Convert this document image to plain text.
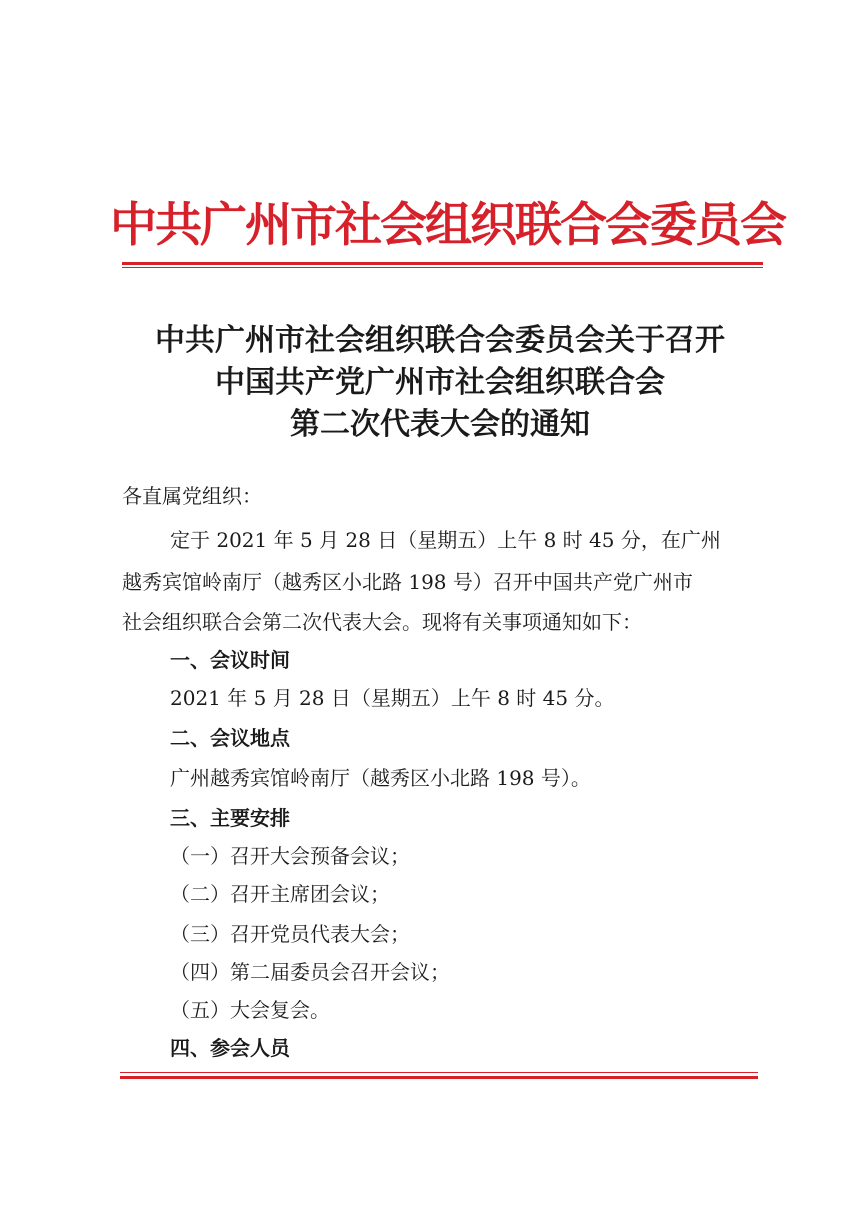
中共广州市社会组织联合会委员会
中共广州市社会组织联合会委员会关于召开
中国共产党广州市社会组织联合会
第二次代表大会的通知
各直属党组织：
定于 2021 年 5 月 28 日（星期五）上午 8 时 45 分，在广州
越秀宾馆岭南厅（越秀区小北路 198 号）召开中国共产党广州市
社会组织联合会第二次代表大会。现将有关事项通知如下：
一、会议时间
2021 年 5 月 28 日（星期五）上午 8 时 45 分。
二、会议地点
广州越秀宾馆岭南厅（越秀区小北路 198 号）。
三、主要安排
（一）召开大会预备会议；
（二）召开主席团会议；
（三）召开党员代表大会；
（四）第二届委员会召开会议；
（五）大会复会。
四、参会人员
